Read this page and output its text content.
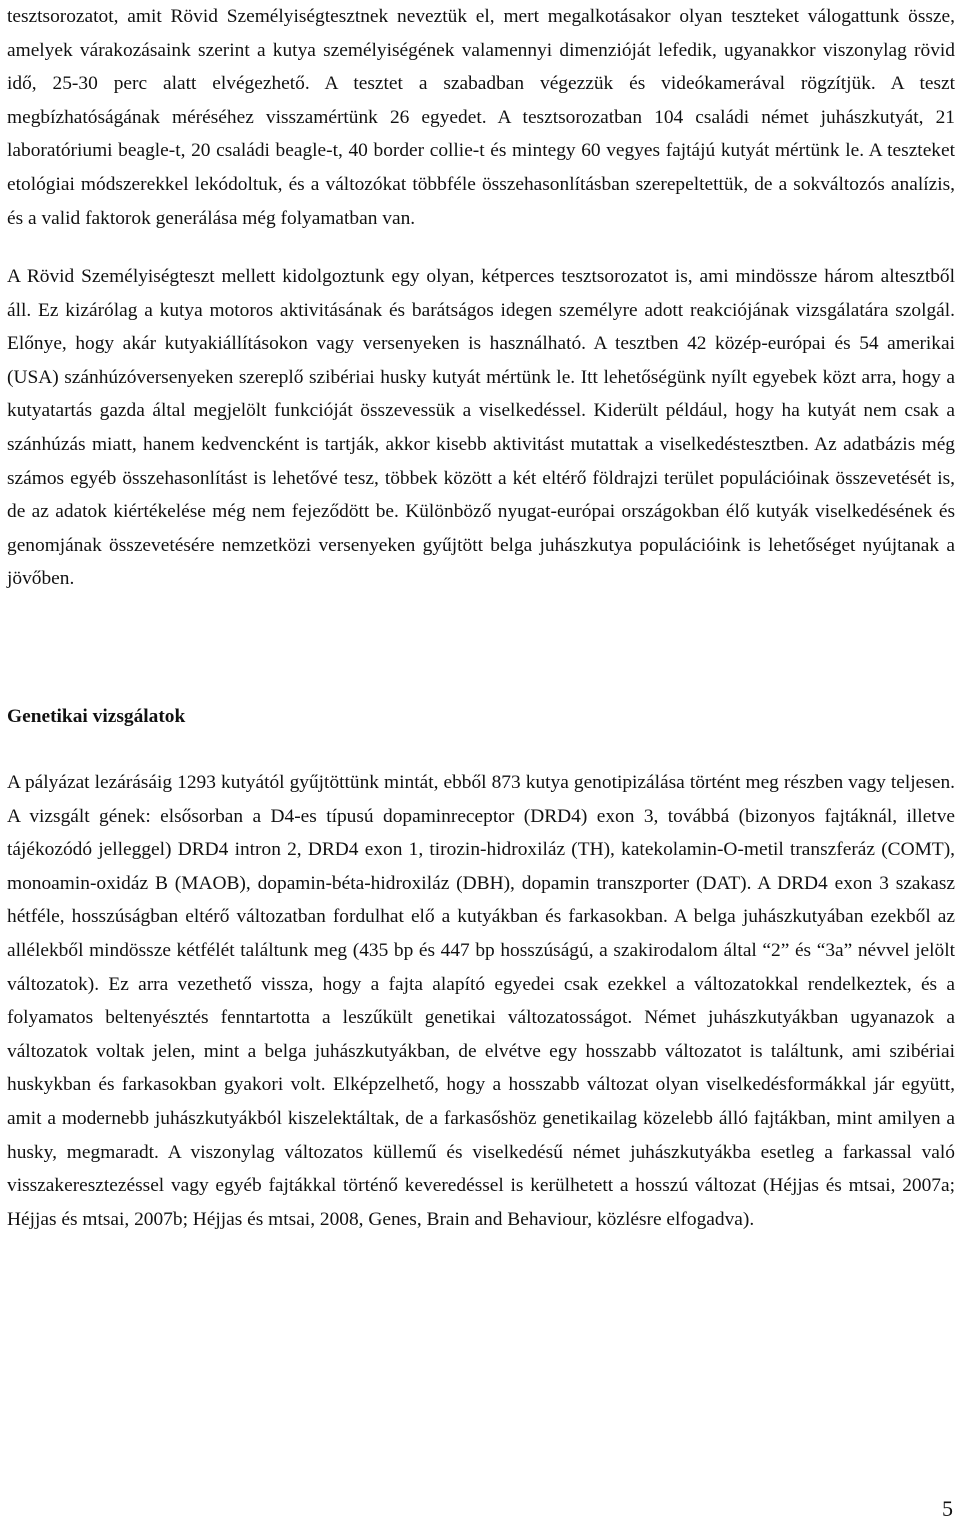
tesztsorozatot, amit Rövid Személyiségtesztnek neveztük el, mert megalkotásakor olyan teszteket válogattunk össze, amelyek várakozásaink szerint a kutya személyiségének valamennyi dimenzióját lefedik, ugyanakkor viszonylag rövid idő, 25-30 perc alatt elvégezhető. A tesztet a szabadban végezzük és videókamerával rögzítjük. A teszt megbízhatóságának méréséhez visszamértünk 26 egyedet. A tesztsorozatban 104 családi német juhászkutyát, 21 laboratóriumi beagle-t, 20 családi beagle-t, 40 border collie-t és mintegy 60 vegyes fajtájú kutyát mértünk le. A teszteket etológiai módszerekkel lekódoltuk, és a változókat többféle összehasonlításban szerepeltettük, de a sokváltozós analízis, és a valid faktorok generálása még folyamatban van.

A Rövid Személyiségteszt mellett kidolgoztunk egy olyan, kétperces tesztsorozatot is, ami mindössze három altesztből áll. Ez kizárólag a kutya motoros aktivitásának és barátságos idegen személyre adott reakciójának vizsgálatára szolgál. Előnye, hogy akár kutyakiállításokon vagy versenyeken is használható. A tesztben 42 közép-európai és 54 amerikai (USA) szánhúzóversenyeken szereplő szibériai husky kutyát mértünk le. Itt lehetőségünk nyílt egyebek közt arra, hogy a kutyatartás gazda által megjelölt funkcióját összevessük a viselkedéssel. Kiderült például, hogy ha kutyát nem csak a szánhúzás miatt, hanem kedvencként is tartják, akkor kisebb aktivitást mutattak a viselkedéstesztben. Az adatbázis még számos egyéb összehasonlítást is lehetővé tesz, többek között a két eltérő földrajzi terület populációinak összevetését is, de az adatok kiértékelése még nem fejeződött be. Különböző nyugat-európai országokban élő kutyák viselkedésének és genomjának összevetésére nemzetközi versenyeken gyűjtött belga juhászkutya populációink is lehetőséget nyújtanak a jövőben.

Genetikai vizsgálatok

A pályázat lezárásáig 1293 kutyától gyűjtöttünk mintát, ebből 873 kutya genotipizálása történt meg részben vagy teljesen. A vizsgált gének: elsősorban a D4-es típusú dopaminreceptor (DRD4) exon 3, továbbá (bizonyos fajtáknál, illetve tájékozódó jelleggel) DRD4 intron 2, DRD4 exon 1, tirozin-hidroxiláz (TH), katekolamin-O-metil transzferáz (COMT), monoamin-oxidáz B (MAOB), dopamin-béta-hidroxiláz (DBH), dopamin transzporter (DAT). A DRD4 exon 3 szakasz hétféle, hosszúságban eltérő változatban fordulhat elő a kutyákban és farkasokban. A belga juhászkutyában ezekből az allélekből mindössze kétfélét találtunk meg (435 bp és 447 bp hosszúságú, a szakirodalom által “2” és “3a” névvel jelölt változatok). Ez arra vezethető vissza, hogy a fajta alapító egyedei csak ezekkel a változatokkal rendelkeztek, és a folyamatos beltenyésztés fenntartotta a leszűkült genetikai változatosságot. Német juhászkutyákban ugyanazok a változatok voltak jelen, mint a belga juhászkutyákban, de elvétve egy hosszabb változatot is találtunk, ami szibériai huskykban és farkasokban gyakori volt. Elképzelhető, hogy a hosszabb változat olyan viselkedésformákkal jár együtt, amit a modernebb juhászkutyákból kiszelektáltak, de a farkasőshöz genetikailag közelebb álló fajtákban, mint amilyen a husky, megmaradt. A viszonylag változatos küllemű és viselkedésű német juhászkutyákba esetleg a farkassal való visszakeresztezéssel vagy egyéb fajtákkal történő keveredéssel is kerülhetett a hosszú változat (Héjjas és mtsai, 2007a; Héjjas és mtsai, 2007b; Héjjas és mtsai, 2008, Genes, Brain and Behaviour, közlésre elfogadva).

5
